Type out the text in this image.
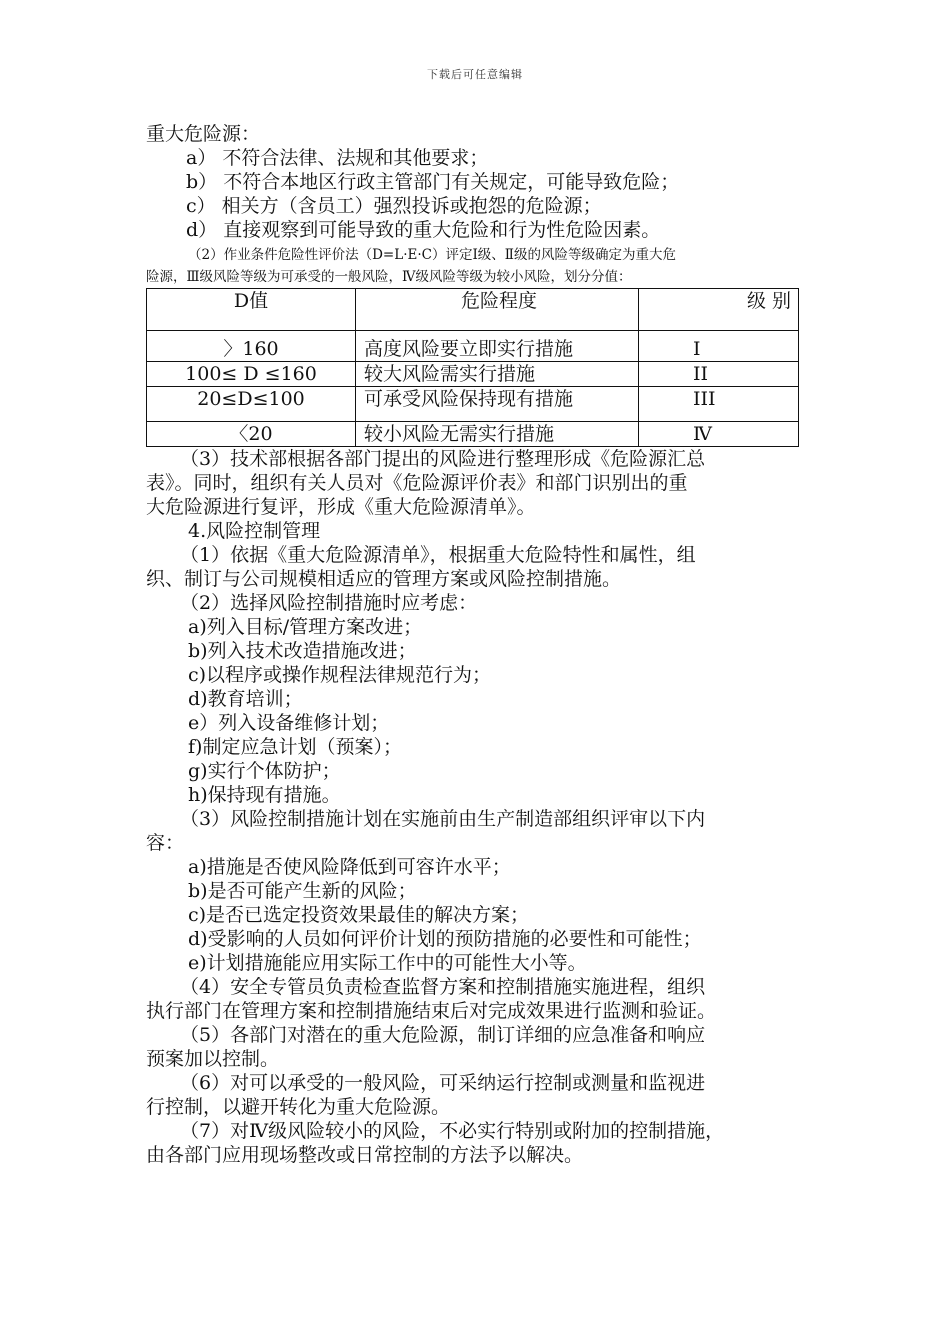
下载后可任意编辑
重大危险源：
a） 不符合法律、法规和其他要求；
b） 不符合本地区行政主管部门有关规定，可能导致危险；
c） 相关方（含员工）强烈投诉或抱怨的危险源；
d） 直接观察到可能导致的重大危险和行为性危险因素。
（2）作业条件危险性评价法（D=L·E·C）评定Ⅰ级、Ⅱ级的风险等级确定为重大危
险源，Ⅲ级风险等级为可承受的一般风险，Ⅳ级风险等级为较小风险，划分分值：
D值	危险程度	级 别
〉160	高度风险要立即实行措施	I
100≤ D ≤160	较大风险需实行措施	II
20≤D≤100	可承受风险保持现有措施	III
〈20	较小风险无需实行措施	Ⅳ
（3）技术部根据各部门提出的风险进行整理形成《危险源汇总
表》。同时，组织有关人员对《危险源评价表》和部门识别出的重
大危险源进行复评，形成《重大危险源清单》。
4.风险控制管理
（1）依据《重大危险源清单》，根据重大危险特性和属性，组
织、制订与公司规模相适应的管理方案或风险控制措施。
（2）选择风险控制措施时应考虑：
a)列入目标/管理方案改进；
b)列入技术改造措施改进；
c)以程序或操作规程法律规范行为；
d)教育培训；
e）列入设备维修计划；
f)制定应急计划（预案）；
g)实行个体防护；
h)保持现有措施。
（3）风险控制措施计划在实施前由生产制造部组织评审以下内
容：
a)措施是否使风险降低到可容许水平；
b)是否可能产生新的风险；
c)是否已选定投资效果最佳的解决方案；
d)受影响的人员如何评价计划的预防措施的必要性和可能性；
e)计划措施能应用实际工作中的可能性大小等。
（4）安全专管员负责检查监督方案和控制措施实施进程，组织
执行部门在管理方案和控制措施结束后对完成效果进行监测和验证。
（5）各部门对潜在的重大危险源，制订详细的应急准备和响应
预案加以控制。
（6）对可以承受的一般风险，可采纳运行控制或测量和监视进
行控制，以避开转化为重大危险源。
（7）对Ⅳ级风险较小的风险，不必实行特别或附加的控制措施，
由各部门应用现场整改或日常控制的方法予以解决。
